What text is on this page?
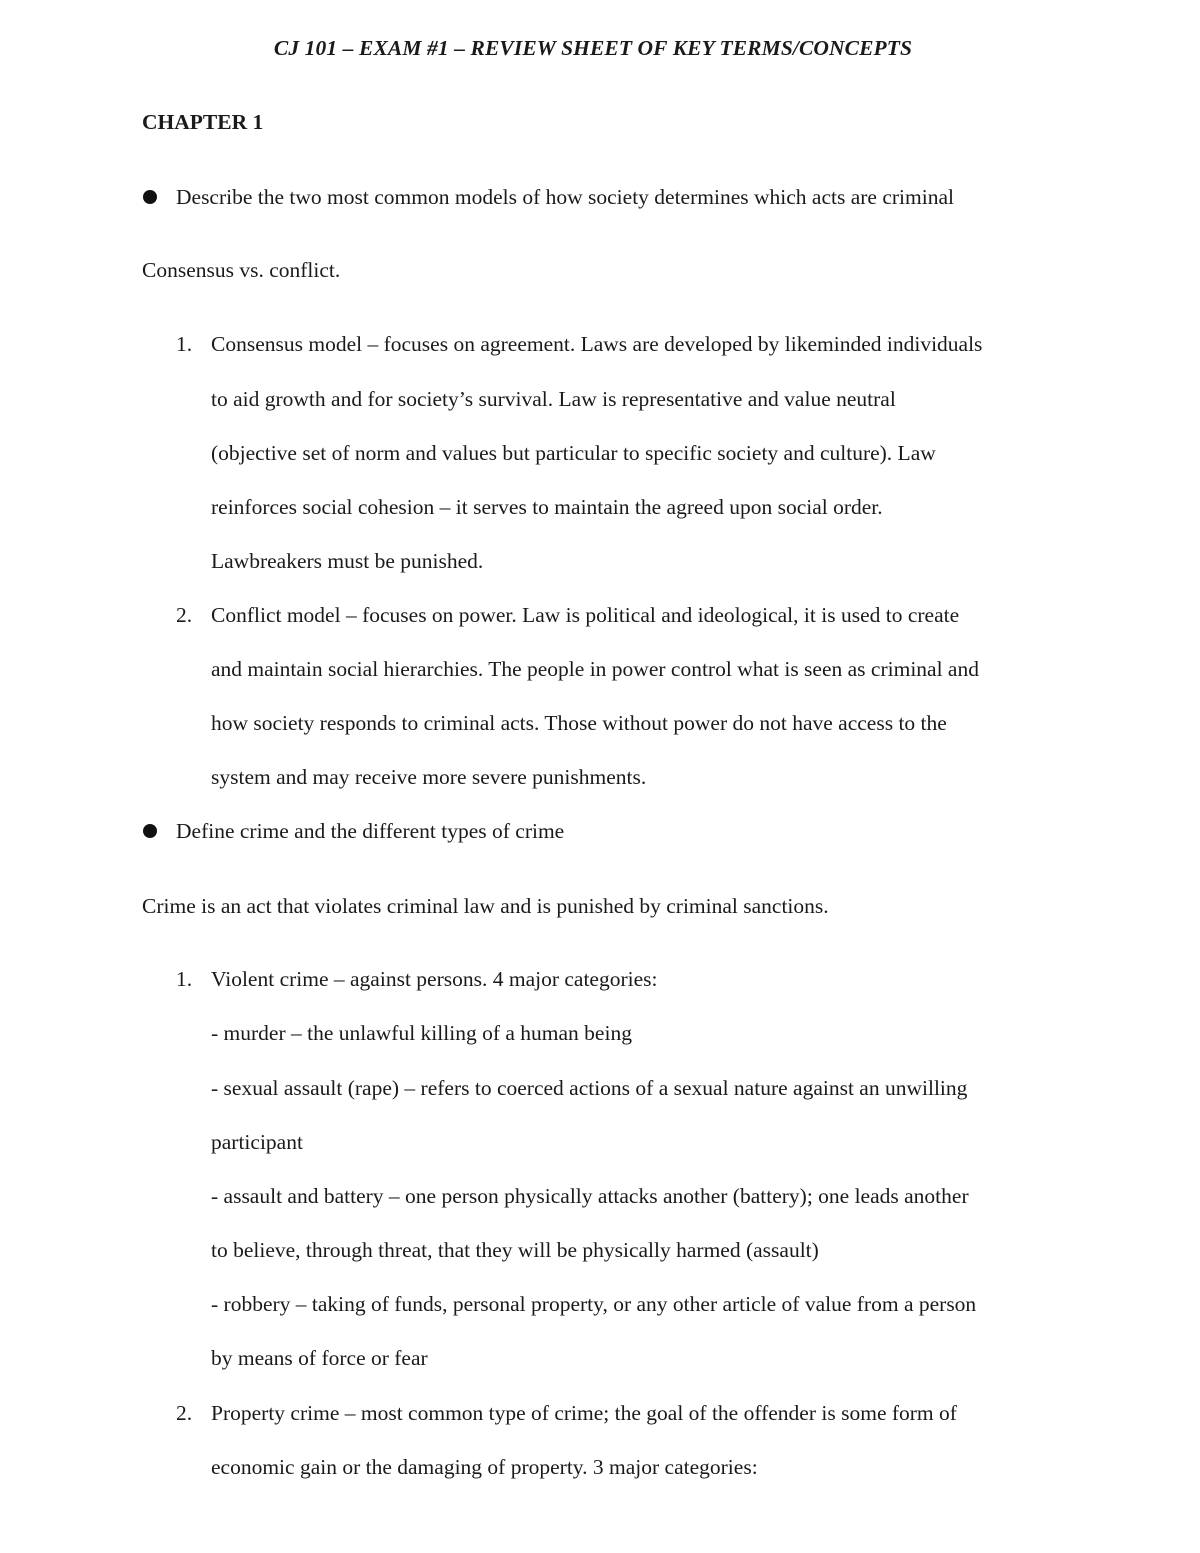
CJ 101 – EXAM #1 – REVIEW SHEET OF KEY TERMS/CONCEPTS
CHAPTER 1
Describe the two most common models of how society determines which acts are criminal
Consensus vs. conflict.
1. Consensus model – focuses on agreement. Laws are developed by likeminded individuals
to aid growth and for society’s survival. Law is representative and value neutral
(objective set of norm and values but particular to specific society and culture). Law
reinforces social cohesion – it serves to maintain the agreed upon social order.
Lawbreakers must be punished.
2. Conflict model – focuses on power. Law is political and ideological, it is used to create
and maintain social hierarchies. The people in power control what is seen as criminal and
how society responds to criminal acts. Those without power do not have access to the
system and may receive more severe punishments.
Define crime and the different types of crime
Crime is an act that violates criminal law and is punished by criminal sanctions.
1. Violent crime – against persons. 4 major categories:
- murder – the unlawful killing of a human being
- sexual assault (rape) – refers to coerced actions of a sexual nature against an unwilling
participant
- assault and battery – one person physically attacks another (battery); one leads another
to believe, through threat, that they will be physically harmed (assault)
- robbery – taking of funds, personal property, or any other article of value from a person
by means of force or fear
2. Property crime – most common type of crime; the goal of the offender is some form of
economic gain or the damaging of property. 3 major categories:
